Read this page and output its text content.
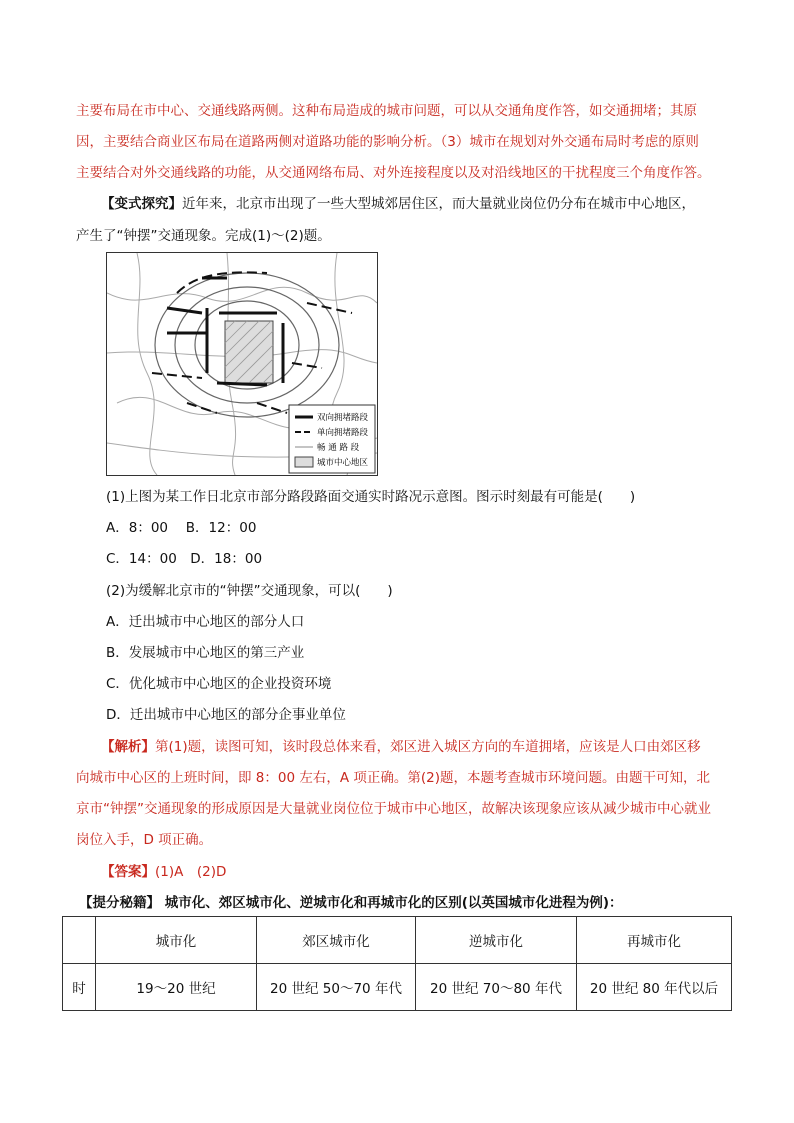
主要布局在市中心、交通线路两侧。这种布局造成的城市问题，可以从交通角度作答，如交通拥堵；其原
因，主要结合商业区布局在道路两侧对道路功能的影响分析。（3）城市在规划对外交通布局时考虑的原则
主要结合对外交通线路的功能，从交通网络布局、对外连接程度以及对沿线地区的干扰程度三个角度作答。
【变式探究】近年来，北京市出现了一些大型城郊居住区，而大量就业岗位仍分布在城市中心地区，
产生了“钟摆”交通现象。完成(1)～(2)题。
双向拥堵路段
单向拥堵路段
畅 通 路 段
城市中心地区
(1)上图为某工作日北京市部分路段路面交通实时路况示意图。图示时刻最有可能是(　　)
A．8：00　 B．12：00
C．14：00　D．18：00
(2)为缓解北京市的“钟摆”交通现象，可以(　　)
A．迁出城市中心地区的部分人口
B．发展城市中心地区的第三产业
C．优化城市中心地区的企业投资环境
D．迁出城市中心地区的部分企事业单位
【解析】第(1)题，读图可知，该时段总体来看，郊区进入城区方向的车道拥堵，应该是人口由郊区移
向城市中心区的上班时间，即 8：00 左右，A 项正确。第(2)题，本题考查城市环境问题。由题干可知，北
京市“钟摆”交通现象的形成原因是大量就业岗位位于城市中心地区，故解决该现象应该从减少城市中心就业
岗位入手，D 项正确。
【答案】(1)A　(2)D
【提分秘籍】 城市化、郊区城市化、逆城市化和再城市化的区别(以英国城市化进程为例)：
	城市化	郊区城市化	逆城市化	再城市化
时	19～20 世纪	20 世纪 50～70 年代	20 世纪 70～80 年代	20 世纪 80 年代以后
